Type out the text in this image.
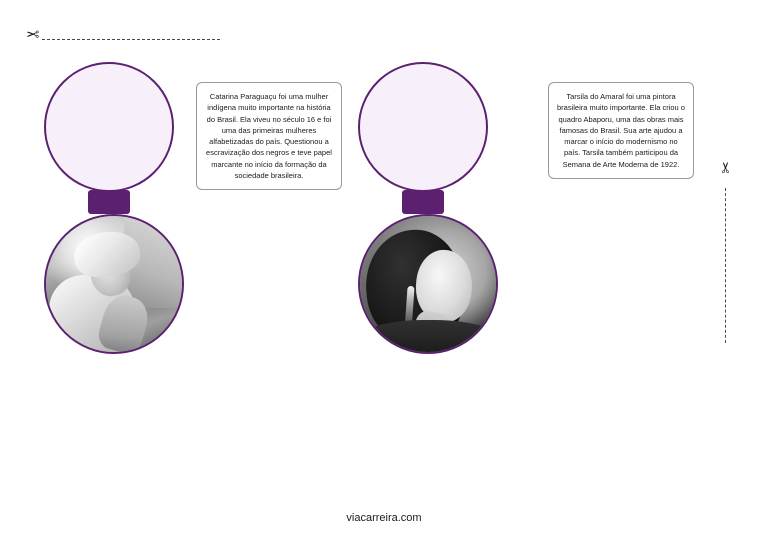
✂
✂
Catarina Paraguaçu foi uma mulher indígena muito importante na história do Brasil. Ela viveu no século 16 e foi uma das primeiras mulheres alfabetizadas do país. Questionou a escravização dos negros e teve papel marcante no início da formação da sociedade brasileira.
Tarsila do Amaral foi uma pintora brasileira muito importante. Ela criou o quadro Abaporu, uma das obras mais famosas do Brasil. Sua arte ajudou a marcar o início do modernismo no país. Tarsila também participou da Semana de Arte Moderna de 1922.
viacarreira.com
